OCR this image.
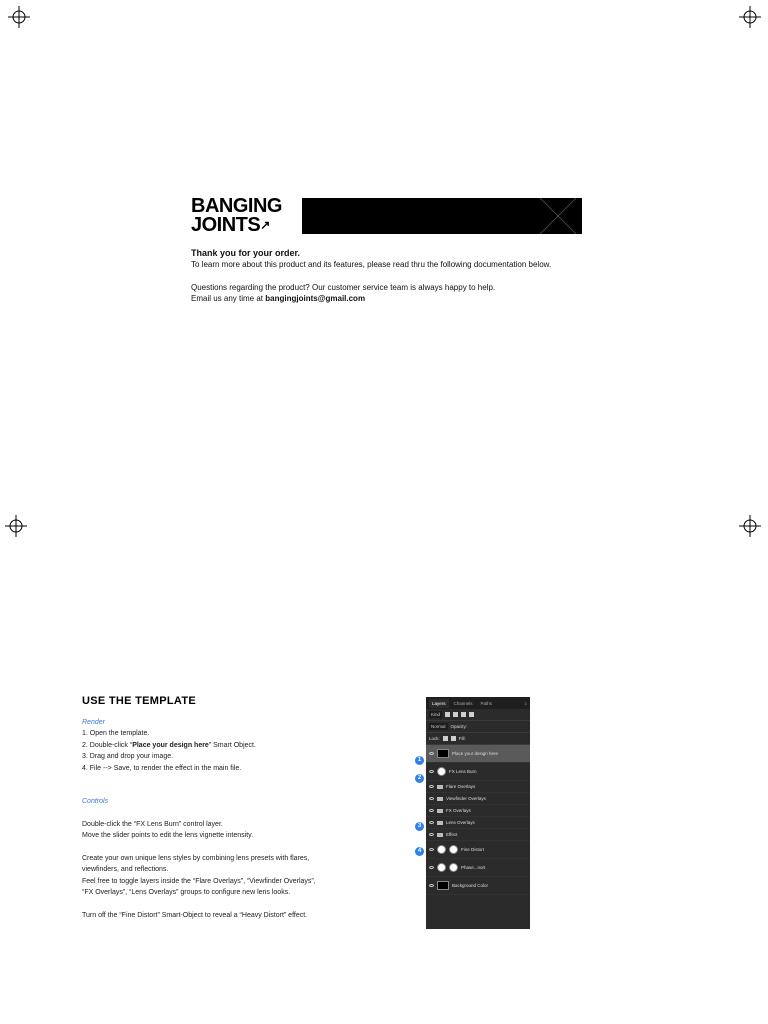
BANGING
JOINTS↗

Thank you for your order.

To learn more about this product and its features, please read thru the following documentation below.

Questions regarding the product? Our customer service team is always happy to help.

Email us any time at bangingjoints@gmail.com

USE THE TEMPLATE

Render

1. Open the template.

2. Double-click “Place your design here” Smart Object.

3. Drag and drop your image.

4. File --> Save, to render the effect in the main file.

Controls

Double-click the “FX Lens Burn” control layer.

Move the slider points to edit the lens vignette intensity.

Create your own unique lens styles by combining lens presets with flares,

viewfinders, and reflections.

Feel free to toggle layers inside the “Flare Overlays”, “Viewfinder Overlays”,

“FX Overlays”, “Lens Overlays” groups to configure new lens looks.

Turn off the “Fine Distort” Smart-Object to reveal a “Heavy Distort” effect.

1
2
3
4
Layers	Channels	Paths	≡
Kind
Normal	Opacity:
Lock:	Fill:
Place your design here
FX Lens Burn
Flare Overlays
Viewfinder Overlays
FX Overlays
Lens Overlays
Effect
Fine Distort
Phase...nort
Background Color
